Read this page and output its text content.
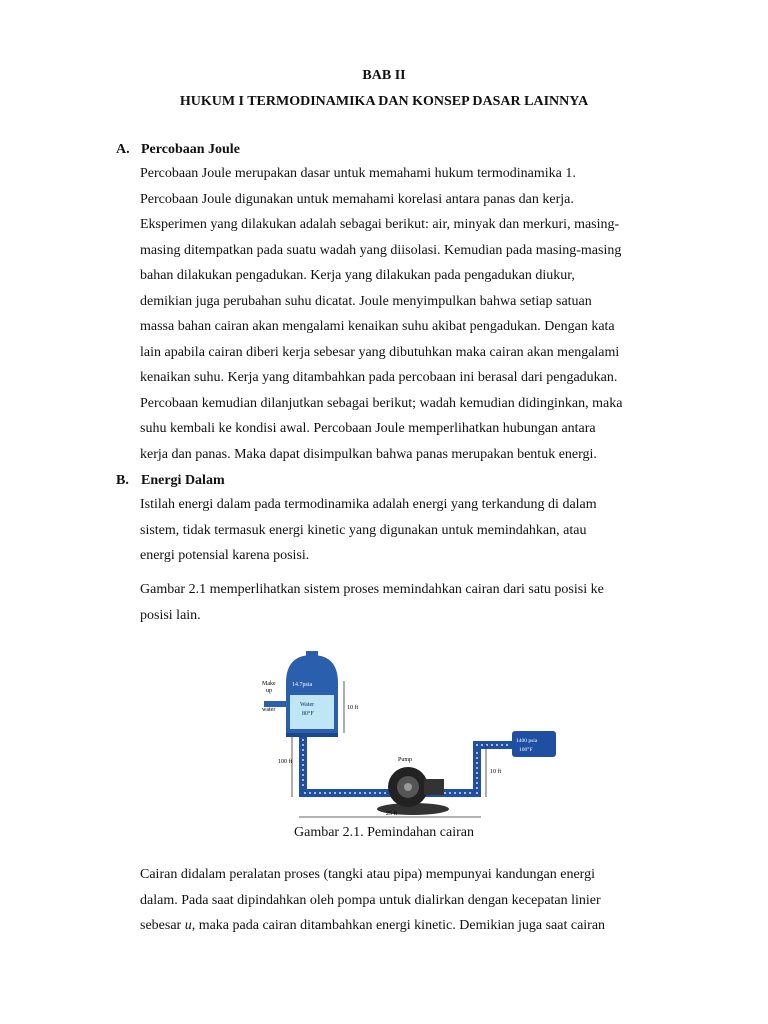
BAB II
HUKUM I TERMODINAMIKA DAN KONSEP DASAR LAINNYA
A. Percobaan Joule
Percobaan Joule merupakan dasar untuk memahami hukum termodinamika 1.
Percobaan Joule digunakan untuk memahami korelasi antara panas dan kerja.
Eksperimen yang dilakukan adalah sebagai berikut: air, minyak dan merkuri, masing-
masing ditempatkan pada suatu wadah yang diisolasi. Kemudian pada masing-masing
bahan dilakukan pengadukan. Kerja yang dilakukan pada pengadukan diukur,
demikian juga perubahan suhu dicatat. Joule menyimpulkan bahwa setiap satuan
massa bahan cairan akan mengalami kenaikan suhu akibat pengadukan. Dengan kata
lain apabila cairan diberi kerja sebesar yang dibutuhkan maka cairan akan mengalami
kenaikan suhu. Kerja yang ditambahkan pada percobaan ini berasal dari pengadukan.
Percobaan kemudian dilanjutkan sebagai berikut; wadah kemudian didinginkan, maka
suhu kembali ke kondisi awal. Percobaan Joule memperlihatkan hubungan antara
kerja dan panas. Maka dapat disimpulkan bahwa panas merupakan bentuk energi.
B. Energi Dalam
Istilah energi dalam pada termodinamika adalah energi yang terkandung di dalam
sistem, tidak termasuk energi kinetic yang digunakan untuk memindahkan, atau
energi potensial karena posisi.
Gambar 2.1 memperlihatkan sistem proses memindahkan cairan dari satu posisi ke
posisi lain.
14.7psia
Water
80°F
Make
up
water	10 ft
100 ft	Pump
1400 psia
100°F
10 ft
25 ft
Gambar 2.1. Pemindahan cairan
Cairan didalam peralatan proses (tangki atau pipa) mempunyai kandungan energi
dalam. Pada saat dipindahkan oleh pompa untuk dialirkan dengan kecepatan linier
sebesar u, maka pada cairan ditambahkan energi kinetic. Demikian juga saat cairan
